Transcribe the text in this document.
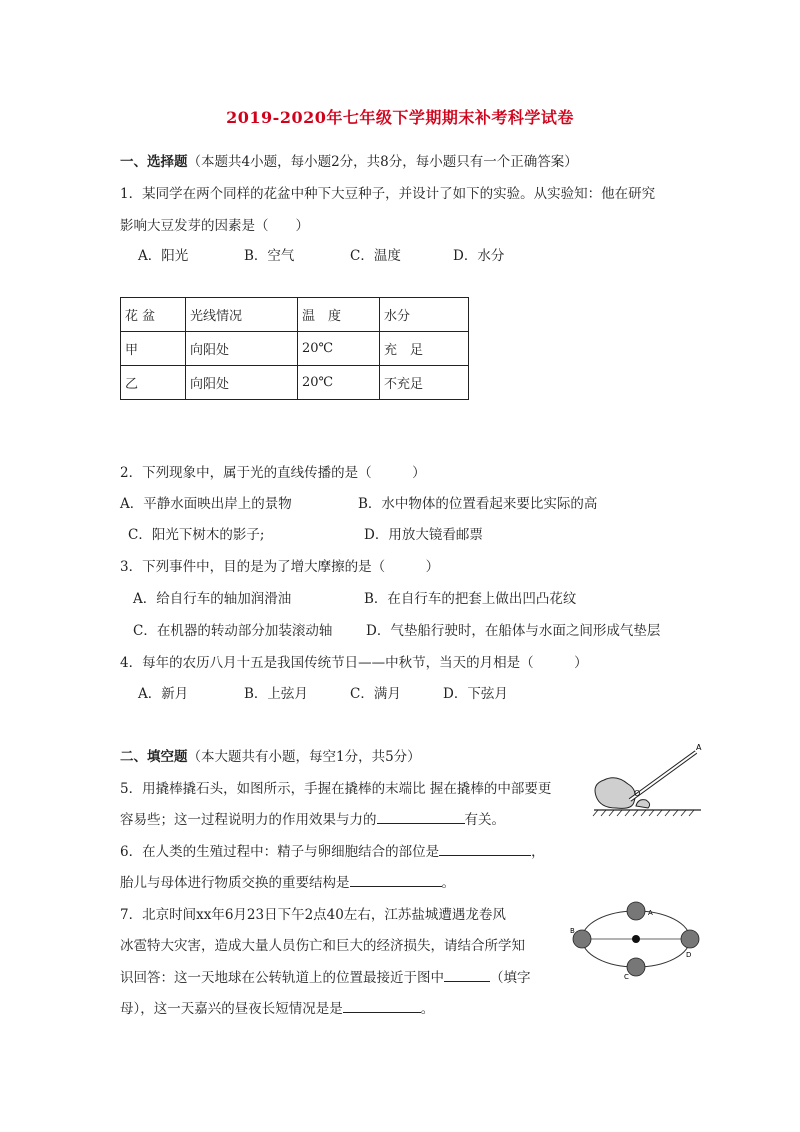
2019-2020年七年级下学期期末补考科学试卷
一、选择题（本题共4小题，每小题2分，共8分，每小题只有一个正确答案）
1．某同学在两个同样的花盆中种下大豆种子，并设计了如下的实验。从实验知：他在研究
影响大豆发芽的因素是（　　）
A．阳光	B．空气	C．温度	D．水分
花 盆	光线情况	温　度	水分
甲	向阳处	20℃	充　足
乙	向阳处	20℃	不充足
2．下列现象中，属于光的直线传播的是（　　　）
A．平静水面映出岸上的景物	B．水中物体的位置看起来要比实际的高
C．阳光下树木的影子;	D．用放大镜看邮票
3．下列事件中，目的是为了增大摩擦的是（　　　）
A．给自行车的轴加润滑油	B．在自行车的把套上做出凹凸花纹
C．在机器的转动部分加装滚动轴 D．气垫船行驶时，在船体与水面之间形成气垫层
4．每年的农历八月十五是我国传统节日——中秋节，当天的月相是（　　　）
A．新月	B．上弦月	C．满月	D．下弦月
二、填空题（本大题共有小题，每空1分，共5分）
5．用撬棒撬石头，如图所示，手握在撬棒的末端比 握在撬棒的中部要更
容易些；这一过程说明力的作用效果与力的	有关。
A
O
6．在人类的生殖过程中：精子与卵细胞结合的部位是	，
胎儿与母体进行物质交换的重要结构是	。
7．北京时间xx年6月23日下午2点40左右，江苏盐城遭遇龙卷风
冰雹特大灾害，造成大量人员伤亡和巨大的经济损失，请结合所学知
识回答：这一天地球在公转轨道上的位置最接近于图中	（填字
母），这一天嘉兴的昼夜长短情况是是	。
A
B
C
D
